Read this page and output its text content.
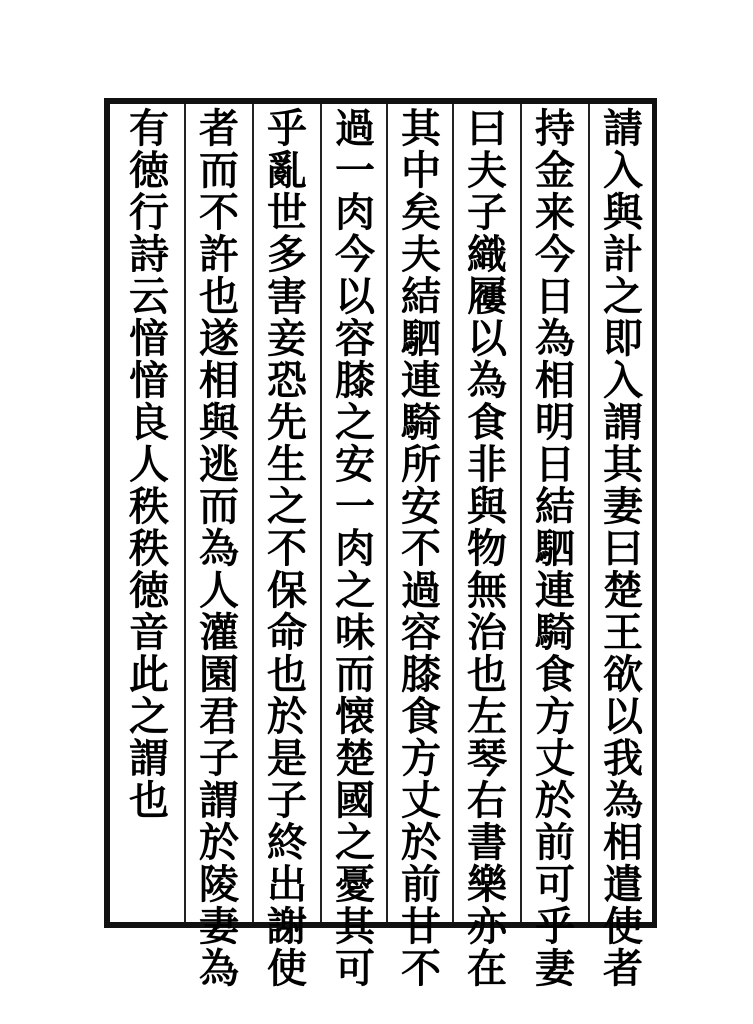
請
入
與
計
之
即
入
謂
其
妻
曰
楚
王
欲
以
我
為
相
遣
使
者
持
金
来
今
日
為
相
明
日
結
駟
連
騎
食
方
丈
於
前
可
乎
妻
曰
夫
子
織
屨
以
為
食
非
與
物
無
治
也
左
琴
右
書
樂
亦
在
其
中
矣
夫
結
駟
連
騎
所
安
不
過
容
膝
食
方
丈
於
前
甘
不
過
一
肉
今
以
容
膝
之
安
一
肉
之
味
而
懐
楚
國
之
憂
其
可
乎
亂
世
多
害
妾
恐
先
生
之
不
保
命
也
於
是
子
終
出
謝
使
者
而
不
許
也
遂
相
與
逃
而
為
人
灌
園
君
子
謂
於
陵
妻
為
有
徳
行
詩
云
愔
愔
良
人
秩
秩
徳
音
此
之
謂
也
